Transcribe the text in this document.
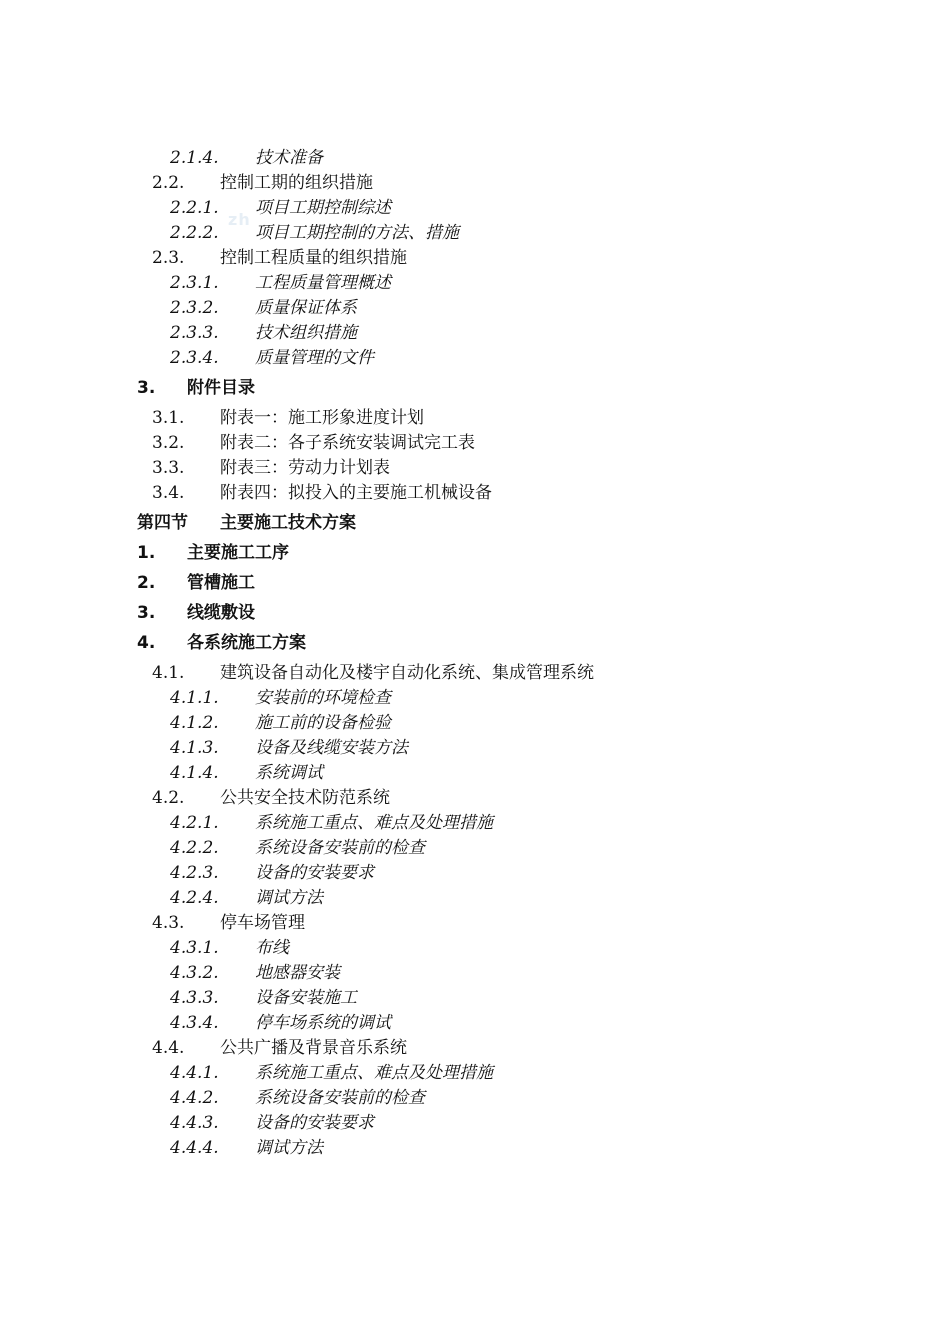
zh
2.1.4. 技术准备
2.2. 控制工期的组织措施
2.2.1. 项目工期控制综述
2.2.2. 项目工期控制的方法、措施
2.3. 控制工程质量的组织措施
2.3.1. 工程质量管理概述
2.3.2. 质量保证体系
2.3.3. 技术组织措施
2.3.4. 质量管理的文件
3. 附件目录
3.1. 附表一：施工形象进度计划
3.2. 附表二：各子系统安装调试完工表
3.3. 附表三：劳动力计划表
3.4. 附表四：拟投入的主要施工机械设备
第四节 主要施工技术方案
1. 主要施工工序
2. 管槽施工
3. 线缆敷设
4. 各系统施工方案
4.1. 建筑设备自动化及楼宇自动化系统、集成管理系统
4.1.1. 安装前的环境检查
4.1.2. 施工前的设备检验
4.1.3. 设备及线缆安装方法
4.1.4. 系统调试
4.2. 公共安全技术防范系统
4.2.1. 系统施工重点、难点及处理措施
4.2.2. 系统设备安装前的检查
4.2.3. 设备的安装要求
4.2.4. 调试方法
4.3. 停车场管理
4.3.1. 布线
4.3.2. 地感器安装
4.3.3. 设备安装施工
4.3.4. 停车场系统的调试
4.4. 公共广播及背景音乐系统
4.4.1. 系统施工重点、难点及处理措施
4.4.2. 系统设备安装前的检查
4.4.3. 设备的安装要求
4.4.4. 调试方法
